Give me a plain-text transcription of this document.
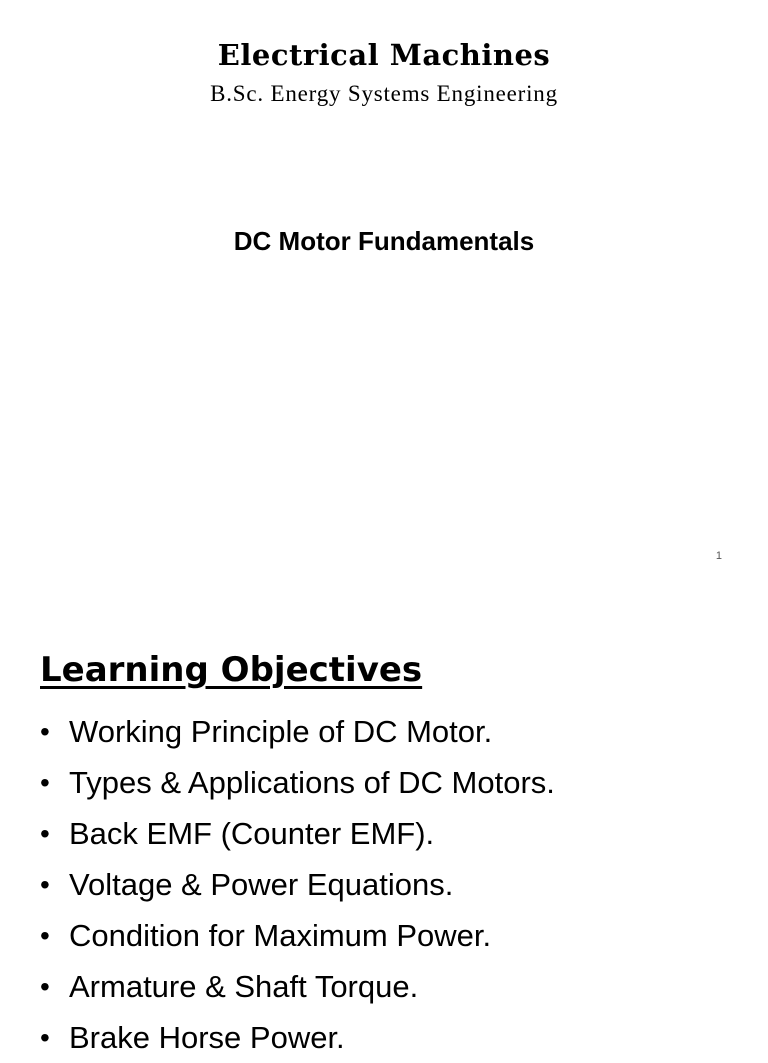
Electrical Machines
B.Sc. Energy Systems Engineering
DC Motor Fundamentals
1
Learning Objectives
• Working Principle of DC Motor.
• Types & Applications of DC Motors.
• Back EMF (Counter EMF).
• Voltage & Power Equations.
• Condition for Maximum Power.
• Armature & Shaft Torque.
• Brake Horse Power.
